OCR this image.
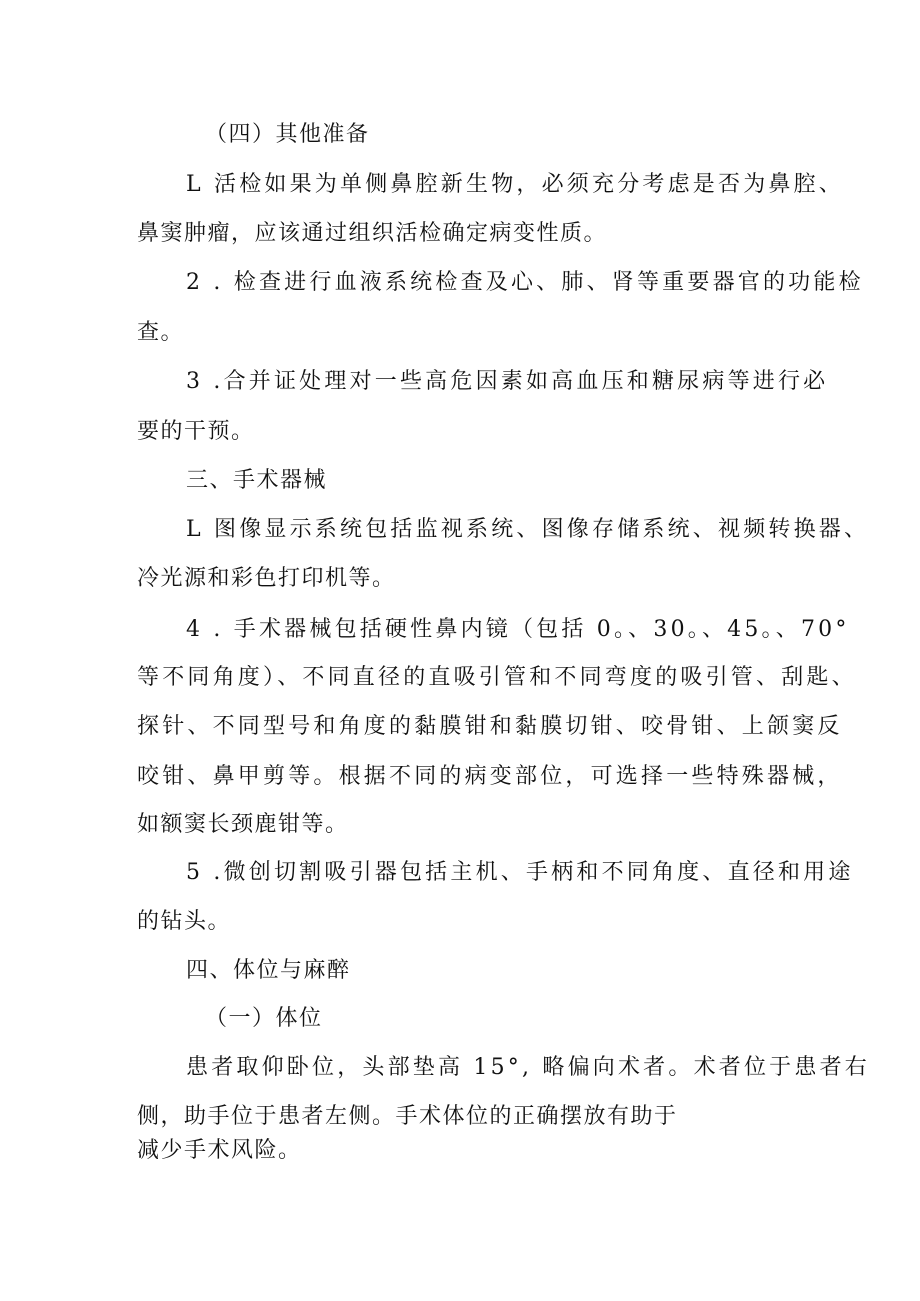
（四）其他准备
L 活检如果为单侧鼻腔新生物，必须充分考虑是否为鼻腔、
鼻窦肿瘤，应该通过组织活检确定病变性质。
2 . 检查进行血液系统检查及心、肺、肾等重要器官的功能检
查。
3 .合并证处理对一些高危因素如高血压和糖尿病等进行必
要的干预。
三、手术器械
L 图像显示系统包括监视系统、图像存储系统、视频转换器、
冷光源和彩色打印机等。
4 . 手术器械包括硬性鼻内镜（包括 0。、30。、45。、70°
等不同角度）、不同直径的直吸引管和不同弯度的吸引管、刮匙、
探针、不同型号和角度的黏膜钳和黏膜切钳、咬骨钳、上颌窦反
咬钳、鼻甲剪等。根据不同的病变部位，可选择一些特殊器械，
如额窦长颈鹿钳等。
5 .微创切割吸引器包括主机、手柄和不同角度、直径和用途
的钻头。
四、体位与麻醉
（一）体位
患者取仰卧位，头部垫高 15°, 略偏向术者。术者位于患者右
侧，助手位于患者左侧。手术体位的正确摆放有助于
减少手术风险。
